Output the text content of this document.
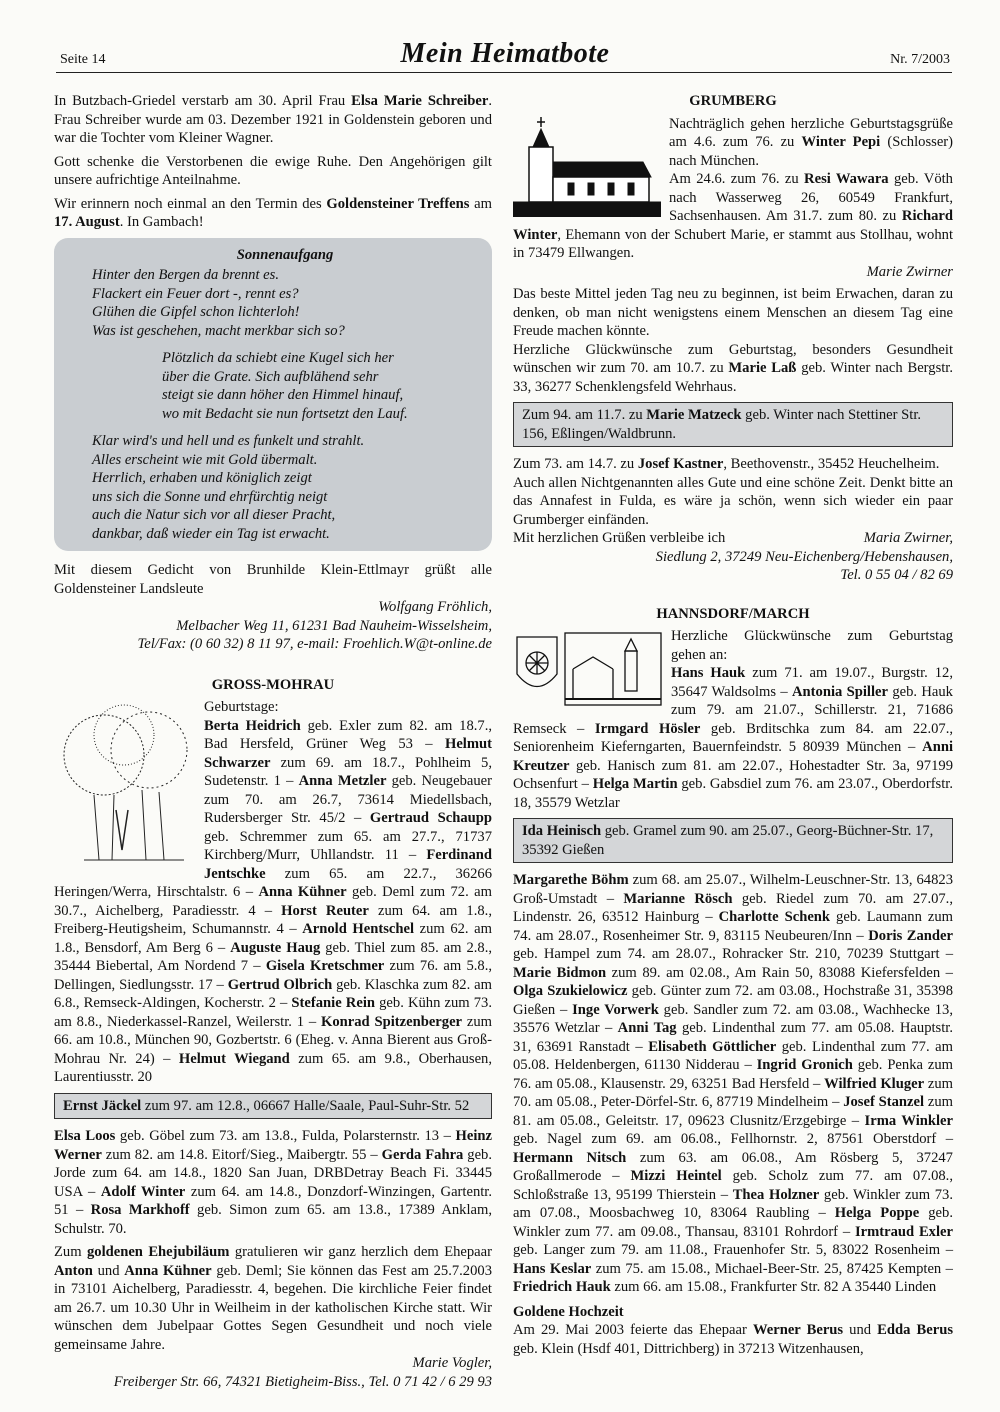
Seite 14	Mein Heimatbote	Nr. 7/2003

In Butzbach-Griedel verstarb am 30. April Frau Elsa Marie Schreiber. Frau Schreiber wurde am 03. Dezember 1921 in Goldenstein geboren und war die Tochter vom Kleiner Wagner.

Gott schenke die Verstorbenen die ewige Ruhe. Den Angehörigen gilt unsere aufrichtige Anteilnahme.

Wir erinnern noch einmal an den Termin des Goldensteiner Treffens am 17. August. In Gambach!

Sonnenaufgang
Hinter den Bergen da brennt es.
Flackert ein Feuer dort -, rennt es?
Glühen die Gipfel schon lichterloh!
Was ist geschehen, macht merkbar sich so?
Plötzlich da schiebt eine Kugel sich her
über die Grate. Sich aufblähend sehr
steigt sie dann höher den Himmel hinauf,
wo mit Bedacht sie nun fortsetzt den Lauf.
Klar wird's und hell und es funkelt und strahlt.
Alles erscheint wie mit Gold übermalt.
Herrlich, erhaben und königlich zeigt
uns sich die Sonne und ehrfürchtig neigt
auch die Natur sich vor all dieser Pracht,
dankbar, daß wieder ein Tag ist erwacht.

Mit diesem Gedicht von Brunhilde Klein-Ettlmayr grüßt alle Goldensteiner Landsleute

Wolfgang Fröhlich,
Melbacher Weg 11, 61231 Bad Nauheim-Wisselsheim,
Tel/Fax: (0 60 32) 8 11 97, e-mail: Froehlich.W@t-online.de
GROSS-MOHRAU
Geburtstage:
Berta Heidrich geb. Exler zum 82. am 18.7., Bad Hersfeld, Grüner Weg 53 – Helmut Schwarzer zum 69. am 18.7., Pohlheim 5, Sudetenstr. 1 – Anna Metzler geb. Neugebauer zum 70. am 26.7, 73614 Miedellsbach, Rudersberger Str. 45/2 – Gertraud Schaupp geb. Schremmer zum 65. am 27.7., 71737 Kirchberg/Murr, Uhllandstr. 11 – Ferdinand Jentschke zum 65. am 22.7., 36266 Heringen/Werra, Hirschtalstr. 6 – Anna Kühner geb. Deml zum 72. am 30.7., Aichelberg, Paradiesstr. 4 – Horst Reuter zum 64. am 1.8., Freiberg-Heutigsheim, Schumannstr. 4 – Arnold Hentschel zum 62. am 1.8., Bensdorf, Am Berg 6 – Auguste Haug geb. Thiel zum 85. am 2.8., 35444 Biebertal, Am Nordend 7 – Gisela Kretschmer zum 76. am 5.8., Dellingen, Siedlungsstr. 17 – Gertrud Olbrich geb. Klaschka zum 82. am 6.8., Remseck-Aldingen, Kocherstr. 2 – Stefanie Rein geb. Kühn zum 73. am 8.8., Niederkassel-Ranzel, Weilerstr. 1 – Konrad Spitzenberger zum 66. am 10.8., München 90, Gozbertstr. 6 (Eheg. v. Anna Bierent aus Groß-Mohrau Nr. 24) – Helmut Wiegand zum 65. am 9.8., Oberhausen, Laurentiusstr. 20
Ernst Jäckel zum 97. am 12.8., 06667 Halle/Saale, Paul-Suhr-Str. 52

Elsa Loos geb. Göbel zum 73. am 13.8., Fulda, Polarsternstr. 13 – Heinz Werner zum 82. am 14.8. Eitorf/Sieg., Maibergtr. 55 – Gerda Fahra geb. Jorde zum 64. am 14.8., 1820 San Juan, DRBDetray Beach Fi. 33445 USA – Adolf Winter zum 64. am 14.8., Donzdorf-Winzingen, Gartentr. 51 – Rosa Markhoff geb. Simon zum 65. am 13.8., 17389 Anklam, Schulstr. 70.

Zum goldenen Ehejubiläum gratulieren wir ganz herzlich dem Ehepaar Anton und Anna Kühner geb. Deml; Sie können das Fest am 25.7.2003 in 73101 Aichelberg, Paradiesstr. 4, begehen. Die kirchliche Feier findet am 26.7. um 10.30 Uhr in Weilheim in der katholischen Kirche statt. Wir wünschen dem Jubelpaar Gottes Segen Gesundheit und noch viele gemeinsame Jahre.

Marie Vogler,
Freiberger Str. 66, 74321 Bietigheim-Biss., Tel. 0 71 42 / 6 29 93
GRUMBERG
Nachträglich gehen herzliche Geburtstagsgrüße am 4.6. zum 76. zu Winter Pepi (Schlosser) nach München.
Am 24.6. zum 76. zu Resi Wawara geb. Vöth nach Wasserweg 26, 60549 Frankfurt, Sachsenhausen. Am 31.7. zum 80. zu Richard Winter, Ehemann von der Schubert Marie, er stammt aus Stollhau, wohnt in 73479 Ellwangen.
Marie Zwirner

Das beste Mittel jeden Tag neu zu beginnen, ist beim Erwachen, daran zu denken, ob man nicht wenigstens einem Menschen an diesem Tag eine Freude machen könnte.

Herzliche Glückwünsche zum Geburtstag, besonders Gesundheit wünschen wir zum 70. am 10.7. zu Marie Laß geb. Winter nach Bergstr. 33, 36277 Schenklengsfeld Wehrhaus.

Zum 94. am 11.7. zu Marie Matzeck geb. Winter nach Stettiner Str. 156, Eßlingen/Waldbrunn.

Zum 73. am 14.7. zu Josef Kastner, Beethovenstr., 35452 Heuchelheim.

Auch allen Nichtgenannten alles Gute und eine schöne Zeit. Denkt bitte an das Annafest in Fulda, es wäre ja schön, wenn sich wieder ein paar Grumberger einfänden.

Mit herzlichen Grüßen verbleibe ich	Maria Zwirner,
Siedlung 2, 37249 Neu-Eichenberg/Hebenshausen,
Tel. 0 55 04 / 82 69
HANNSDORF/MARCH
Herzliche Glückwünsche zum Geburtstag gehen an:
Hans Hauk zum 71. am 19.07., Burgstr. 12, 35647 Waldsolms – Antonia Spiller geb. Hauk zum 79. am 21.07., Schillerstr. 21, 71686 Remseck – Irmgard Hösler geb. Brditschka zum 84. am 22.07., Seniorenheim Kieferngarten, Bauernfeindstr. 5 80939 München – Anni Kreutzer geb. Hanisch zum 81. am 22.07., Hohestadter Str. 3a, 97199 Ochsenfurt – Helga Martin geb. Gabsdiel zum 76. am 23.07., Oberdorfstr. 18, 35579 Wetzlar
Ida Heinisch geb. Gramel zum 90. am 25.07., Georg-Büchner-Str. 17, 35392 Gießen

Margarethe Böhm zum 68. am 25.07., Wilhelm-Leuschner-Str. 13, 64823 Groß-Umstadt – Marianne Rösch geb. Riedel zum 70. am 27.07., Lindenstr. 26, 63512 Hainburg – Charlotte Schenk geb. Laumann zum 74. am 28.07., Rosenheimer Str. 9, 83115 Neubeuren/Inn – Doris Zander geb. Hampel zum 74. am 28.07., Rohracker Str. 210, 70239 Stuttgart – Marie Bidmon zum 89. am 02.08., Am Rain 50, 83088 Kiefersfelden – Olga Szukielowicz geb. Günter zum 72. am 03.08., Hochstraße 31, 35398 Gießen – Inge Vorwerk geb. Sandler zum 72. am 03.08., Wachhecke 13, 35576 Wetzlar – Anni Tag geb. Lindenthal zum 77. am 05.08. Hauptstr. 31, 63691 Ranstadt – Elisabeth Göttlicher geb. Lindenthal zum 77. am 05.08. Heldenbergen, 61130 Nidderau – Ingrid Gronich geb. Penka zum 76. am 05.08., Klausenstr. 29, 63251 Bad Hersfeld – Wilfried Kluger zum 70. am 05.08., Peter-Dörfel-Str. 6, 87719 Mindelheim – Josef Stanzel zum 81. am 05.08., Geleitstr. 17, 09623 Clusnitz/Erzgebirge – Irma Winkler geb. Nagel zum 69. am 06.08., Fellhornstr. 2, 87561 Oberstdorf – Hermann Nitsch zum 63. am 06.08., Am Rösberg 5, 37247 Großallmerode – Mizzi Heintel geb. Scholz zum 77. am 07.08., Schloßstraße 13, 95199 Thierstein – Thea Holzner geb. Winkler zum 73. am 07.08., Moosbachweg 10, 83064 Raubling – Helga Poppe geb. Winkler zum 77. am 09.08., Thansau, 83101 Rohrdorf – Irmtraud Exler geb. Langer zum 79. am 11.08., Frauenhofer Str. 5, 83022 Rosenheim – Hans Keslar zum 75. am 15.08., Michael-Beer-Str. 25, 87425 Kempten – Friedrich Hauk zum 66. am 15.08., Frankfurter Str. 82 A 35440 Linden

Goldene Hochzeit

Am 29. Mai 2003 feierte das Ehepaar Werner Berus und Edda Berus geb. Klein (Hsdf 401, Dittrichberg) in 37213 Witzenhausen,
